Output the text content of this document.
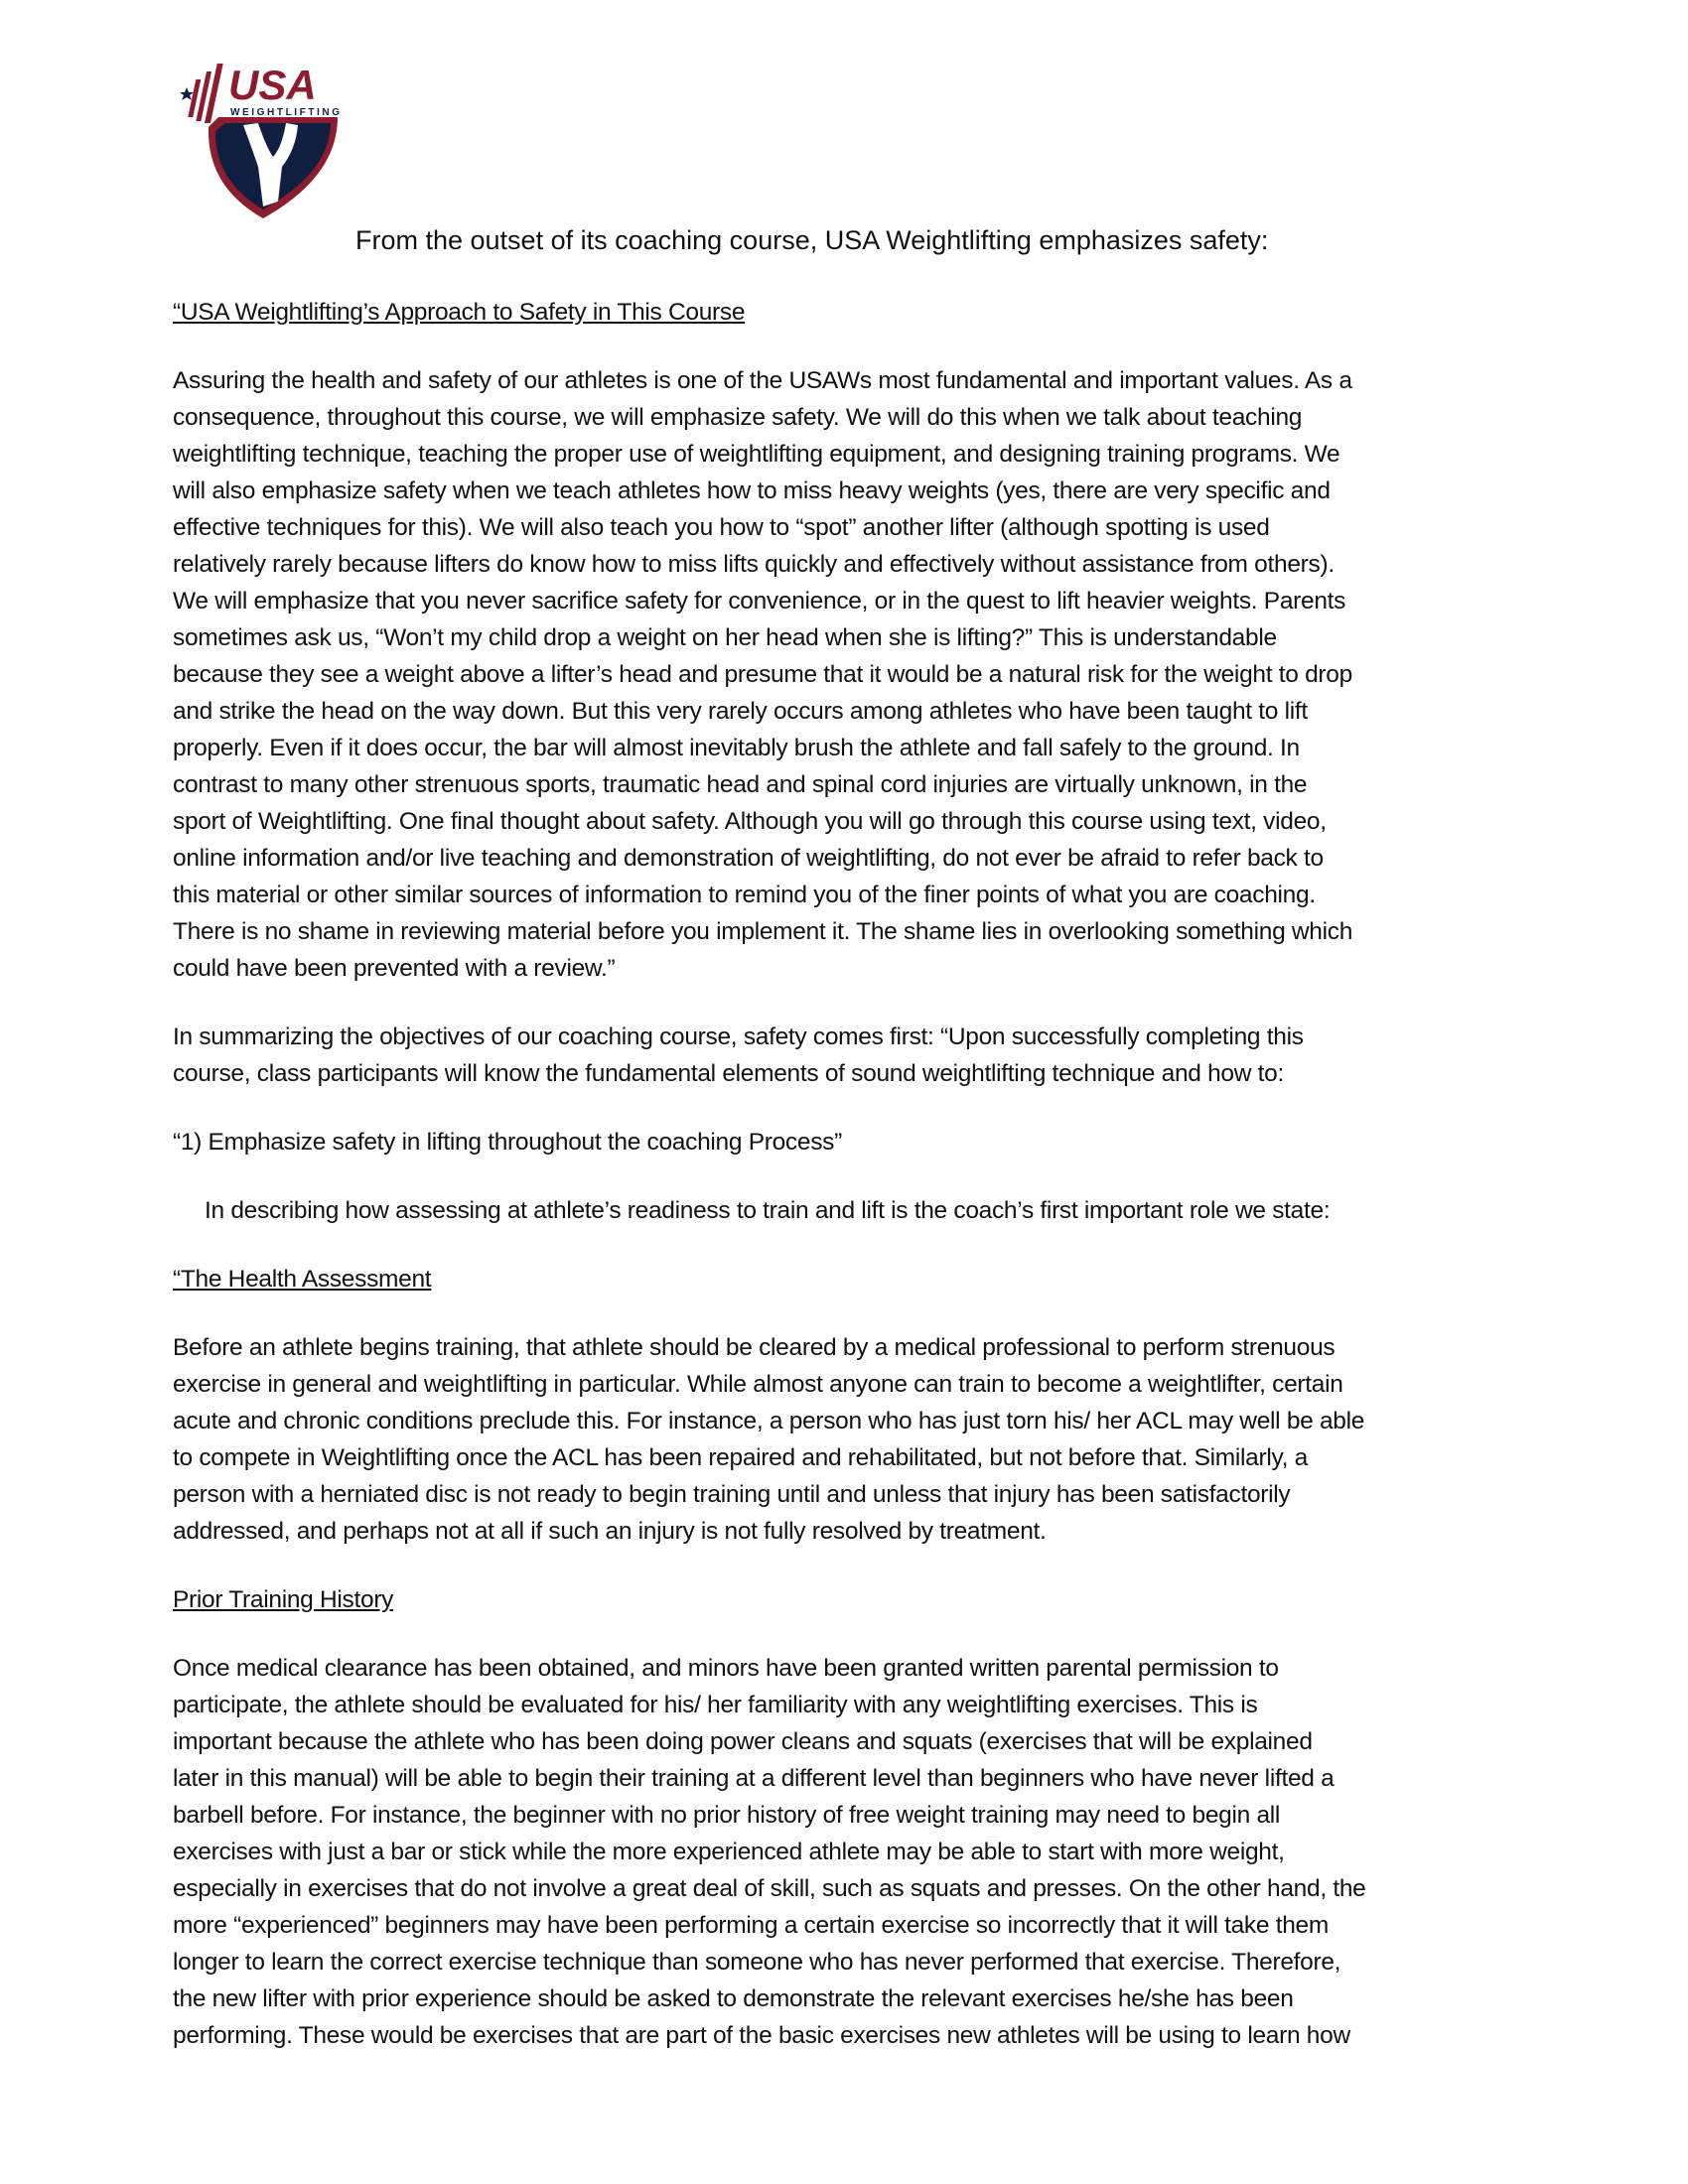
USA
WEIGHTLIFTING
From the outset of its coaching course, USA Weightlifting emphasizes safety:
“USA Weightlifting’s Approach to Safety in This Course
Assuring the health and safety of our athletes is one of the USAWs most fundamental and important values. As a
consequence, throughout this course, we will emphasize safety. We will do this when we talk about teaching
weightlifting technique, teaching the proper use of weightlifting equipment, and designing training programs. We
will also emphasize safety when we teach athletes how to miss heavy weights (yes, there are very specific and
effective techniques for this). We will also teach you how to “spot” another lifter (although spotting is used
relatively rarely because lifters do know how to miss lifts quickly and effectively without assistance from others).
We will emphasize that you never sacrifice safety for convenience, or in the quest to lift heavier weights. Parents
sometimes ask us, “Won’t my child drop a weight on her head when she is lifting?” This is understandable
because they see a weight above a lifter’s head and presume that it would be a natural risk for the weight to drop
and strike the head on the way down. But this very rarely occurs among athletes who have been taught to lift
properly. Even if it does occur, the bar will almost inevitably brush the athlete and fall safely to the ground. In
contrast to many other strenuous sports, traumatic head and spinal cord injuries are virtually unknown, in the
sport of Weightlifting. One final thought about safety. Although you will go through this course using text, video,
online information and/or live teaching and demonstration of weightlifting, do not ever be afraid to refer back to
this material or other similar sources of information to remind you of the finer points of what you are coaching.
There is no shame in reviewing material before you implement it. The shame lies in overlooking something which
could have been prevented with a review.”
In summarizing the objectives of our coaching course, safety comes first: “Upon successfully completing this
course, class participants will know the fundamental elements of sound weightlifting technique and how to:
“1) Emphasize safety in lifting throughout the coaching Process”
In describing how assessing at athlete’s readiness to train and lift is the coach’s first important role we state:
“The Health Assessment
Before an athlete begins training, that athlete should be cleared by a medical professional to perform strenuous
exercise in general and weightlifting in particular. While almost anyone can train to become a weightlifter, certain
acute and chronic conditions preclude this. For instance, a person who has just torn his/ her ACL may well be able
to compete in Weightlifting once the ACL has been repaired and rehabilitated, but not before that. Similarly, a
person with a herniated disc is not ready to begin training until and unless that injury has been satisfactorily
addressed, and perhaps not at all if such an injury is not fully resolved by treatment.
Prior Training History
Once medical clearance has been obtained, and minors have been granted written parental permission to
participate, the athlete should be evaluated for his/ her familiarity with any weightlifting exercises. This is
important because the athlete who has been doing power cleans and squats (exercises that will be explained
later in this manual) will be able to begin their training at a different level than beginners who have never lifted a
barbell before. For instance, the beginner with no prior history of free weight training may need to begin all
exercises with just a bar or stick while the more experienced athlete may be able to start with more weight,
especially in exercises that do not involve a great deal of skill, such as squats and presses. On the other hand, the
more “experienced” beginners may have been performing a certain exercise so incorrectly that it will take them
longer to learn the correct exercise technique than someone who has never performed that exercise. Therefore,
the new lifter with prior experience should be asked to demonstrate the relevant exercises he/she has been
performing. These would be exercises that are part of the basic exercises new athletes will be using to learn how
